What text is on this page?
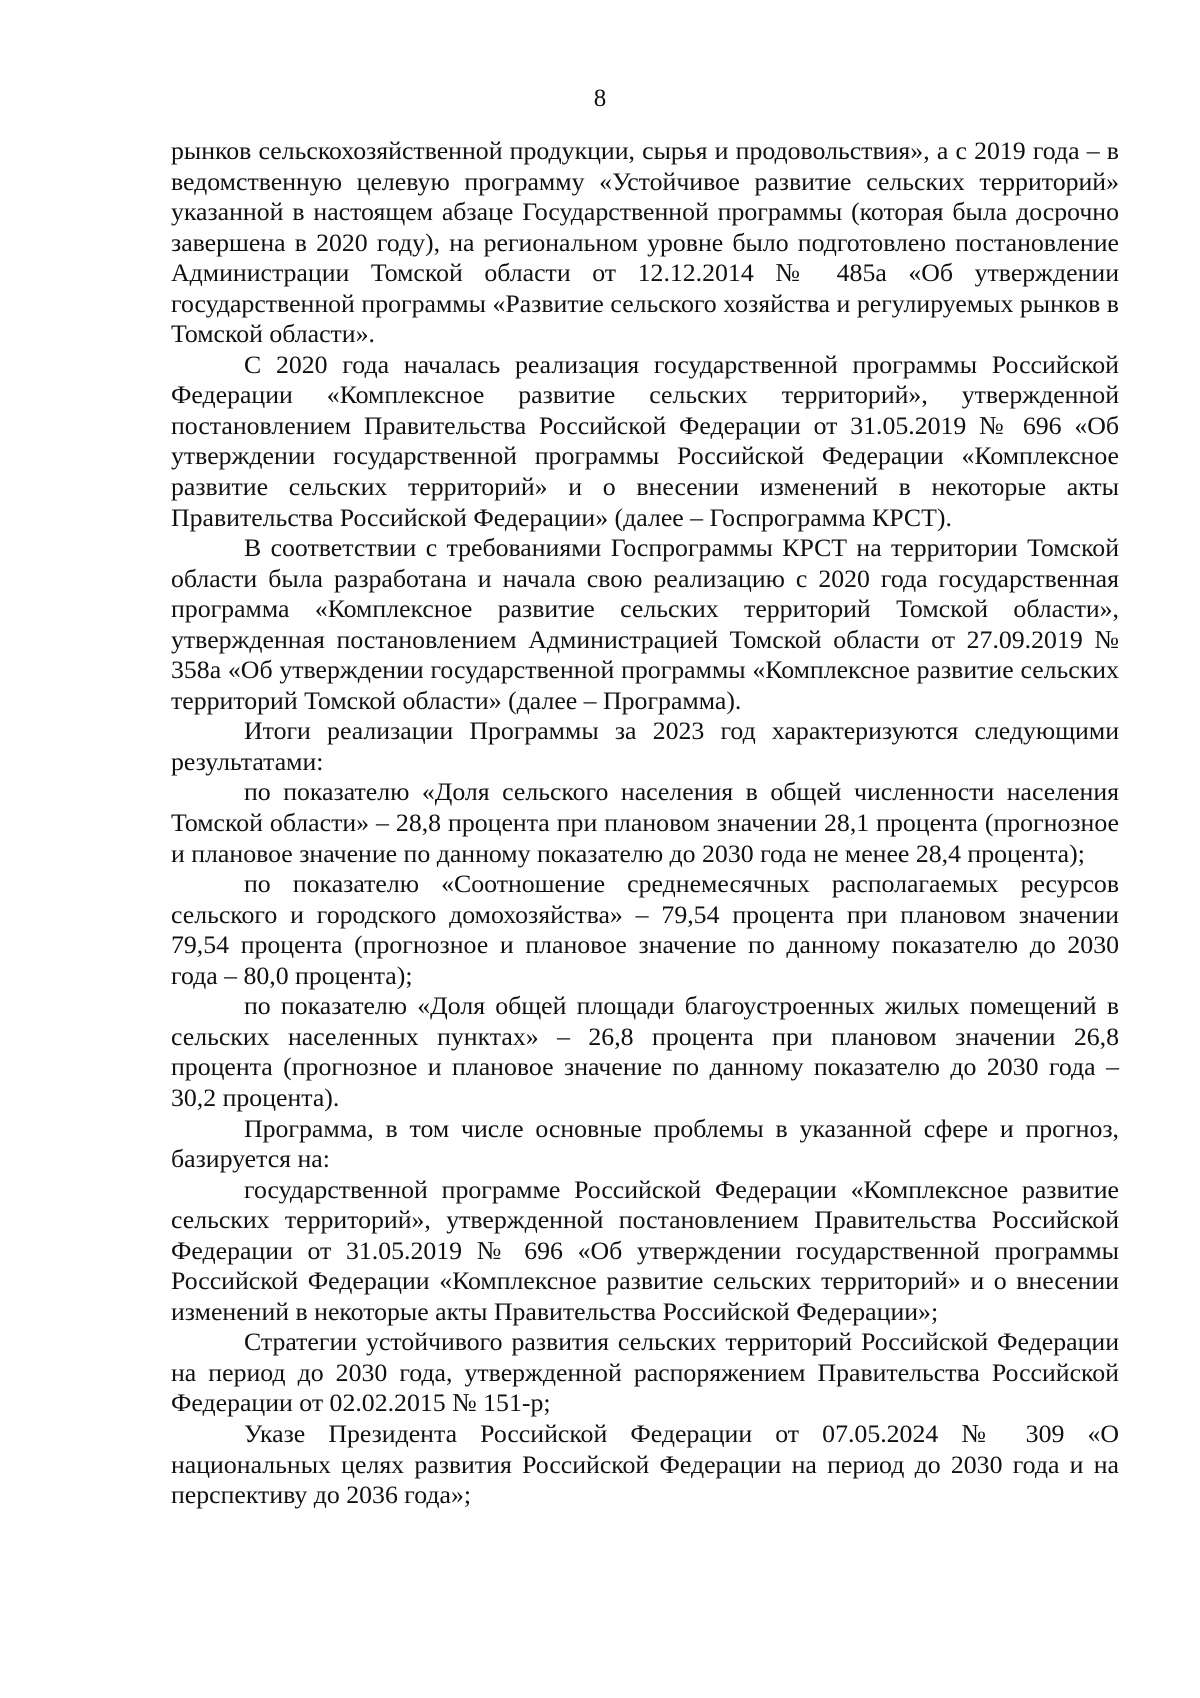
8

рынков сельскохозяйственной продукции, сырья и продовольствия», а с 2019 года – в ведомственную целевую программу «Устойчивое развитие сельских территорий» указанной в настоящем абзаце Государственной программы (которая была досрочно завершена в 2020 году), на региональном уровне было подготовлено постановление Администрации Томской области от 12.12.2014 № 485а «Об утверждении государственной программы «Развитие сельского хозяйства и регулируемых рынков в Томской области».

С 2020 года началась реализация государственной программы Российской Федерации «Комплексное развитие сельских территорий», утвержденной постановлением Правительства Российской Федерации от 31.05.2019 № 696 «Об утверждении государственной программы Российской Федерации «Комплексное развитие сельских территорий» и о внесении изменений в некоторые акты Правительства Российской Федерации» (далее – Госпрограмма КРСТ).

В соответствии с требованиями Госпрограммы КРСТ на территории Томской области была разработана и начала свою реализацию с 2020 года государственная программа «Комплексное развитие сельских территорий Томской области», утвержденная постановлением Администрацией Томской области от 27.09.2019 № 358а «Об утверждении государственной программы «Комплексное развитие сельских территорий Томской области» (далее – Программа).

Итоги реализации Программы за 2023 год характеризуются следующими результатами:

по показателю «Доля сельского населения в общей численности населения Томской области» – 28,8 процента при плановом значении 28,1 процента (прогнозное и плановое значение по данному показателю до 2030 года не менее 28,4 процента);

по показателю «Соотношение среднемесячных располагаемых ресурсов сельского и городского домохозяйства» – 79,54 процента при плановом значении 79,54 процента (прогнозное и плановое значение по данному показателю до 2030 года – 80,0 процента);

по показателю «Доля общей площади благоустроенных жилых помещений в сельских населенных пунктах» – 26,8 процента при плановом значении 26,8 процента (прогнозное и плановое значение по данному показателю до 2030 года – 30,2 процента).

Программа, в том числе основные проблемы в указанной сфере и прогноз, базируется на:

государственной программе Российской Федерации «Комплексное развитие сельских территорий», утвержденной постановлением Правительства Российской Федерации от 31.05.2019 № 696 «Об утверждении государственной программы Российской Федерации «Комплексное развитие сельских территорий» и о внесении изменений в некоторые акты Правительства Российской Федерации»;

Стратегии устойчивого развития сельских территорий Российской Федерации на период до 2030 года, утвержденной распоряжением Правительства Российской Федерации от 02.02.2015 № 151-р;

Указе Президента Российской Федерации от 07.05.2024 № 309 «О национальных целях развития Российской Федерации на период до 2030 года и на перспективу до 2036 года»;
